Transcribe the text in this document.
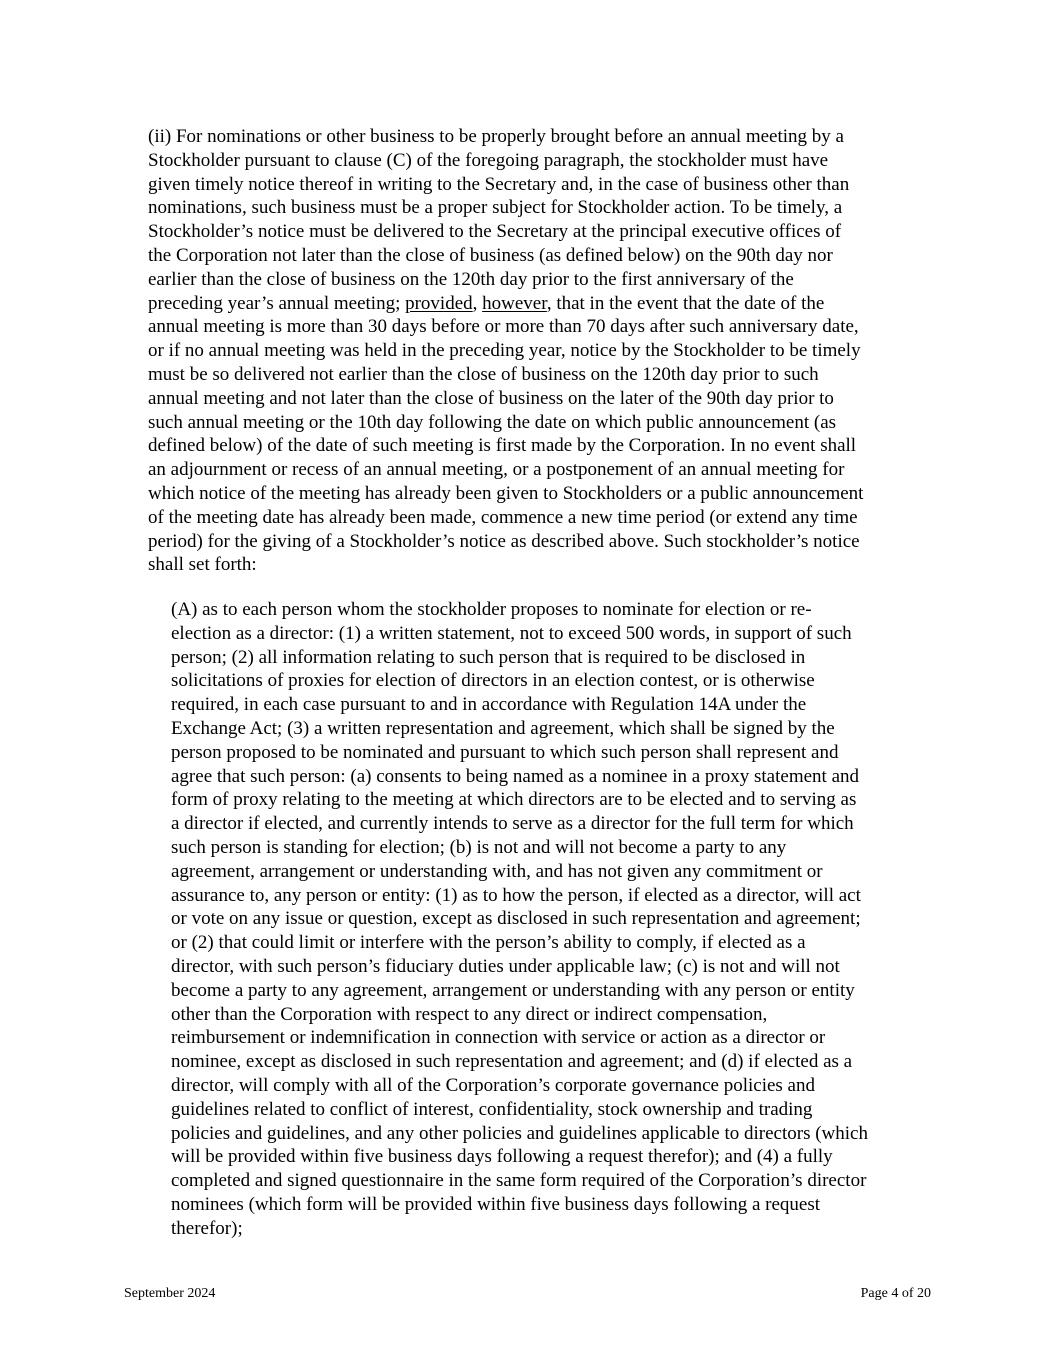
(ii) For nominations or other business to be properly brought before an annual meeting by a
Stockholder pursuant to clause (C) of the foregoing paragraph, the stockholder must have
given timely notice thereof in writing to the Secretary and, in the case of business other than
nominations, such business must be a proper subject for Stockholder action. To be timely, a
Stockholder’s notice must be delivered to the Secretary at the principal executive offices of
the Corporation not later than the close of business (as defined below) on the 90th day nor
earlier than the close of business on the 120th day prior to the first anniversary of the
preceding year’s annual meeting; provided, however, that in the event that the date of the
annual meeting is more than 30 days before or more than 70 days after such anniversary date,
or if no annual meeting was held in the preceding year, notice by the Stockholder to be timely
must be so delivered not earlier than the close of business on the 120th day prior to such
annual meeting and not later than the close of business on the later of the 90th day prior to
such annual meeting or the 10th day following the date on which public announcement (as
defined below) of the date of such meeting is first made by the Corporation. In no event shall
an adjournment or recess of an annual meeting, or a postponement of an annual meeting for
which notice of the meeting has already been given to Stockholders or a public announcement
of the meeting date has already been made, commence a new time period (or extend any time
period) for the giving of a Stockholder’s notice as described above. Such stockholder’s notice
shall set forth:
(A) as to each person whom the stockholder proposes to nominate for election or re-
election as a director: (1) a written statement, not to exceed 500 words, in support of such
person; (2) all information relating to such person that is required to be disclosed in
solicitations of proxies for election of directors in an election contest, or is otherwise
required, in each case pursuant to and in accordance with Regulation 14A under the
Exchange Act; (3) a written representation and agreement, which shall be signed by the
person proposed to be nominated and pursuant to which such person shall represent and
agree that such person: (a) consents to being named as a nominee in a proxy statement and
form of proxy relating to the meeting at which directors are to be elected and to serving as
a director if elected, and currently intends to serve as a director for the full term for which
such person is standing for election; (b) is not and will not become a party to any
agreement, arrangement or understanding with, and has not given any commitment or
assurance to, any person or entity: (1) as to how the person, if elected as a director, will act
or vote on any issue or question, except as disclosed in such representation and agreement;
or (2) that could limit or interfere with the person’s ability to comply, if elected as a
director, with such person’s fiduciary duties under applicable law; (c) is not and will not
become a party to any agreement, arrangement or understanding with any person or entity
other than the Corporation with respect to any direct or indirect compensation,
reimbursement or indemnification in connection with service or action as a director or
nominee, except as disclosed in such representation and agreement; and (d) if elected as a
director, will comply with all of the Corporation’s corporate governance policies and
guidelines related to conflict of interest, confidentiality, stock ownership and trading
policies and guidelines, and any other policies and guidelines applicable to directors (which
will be provided within five business days following a request therefor); and (4) a fully
completed and signed questionnaire in the same form required of the Corporation’s director
nominees (which form will be provided within five business days following a request
therefor);
September 2024	Page 4 of 20
